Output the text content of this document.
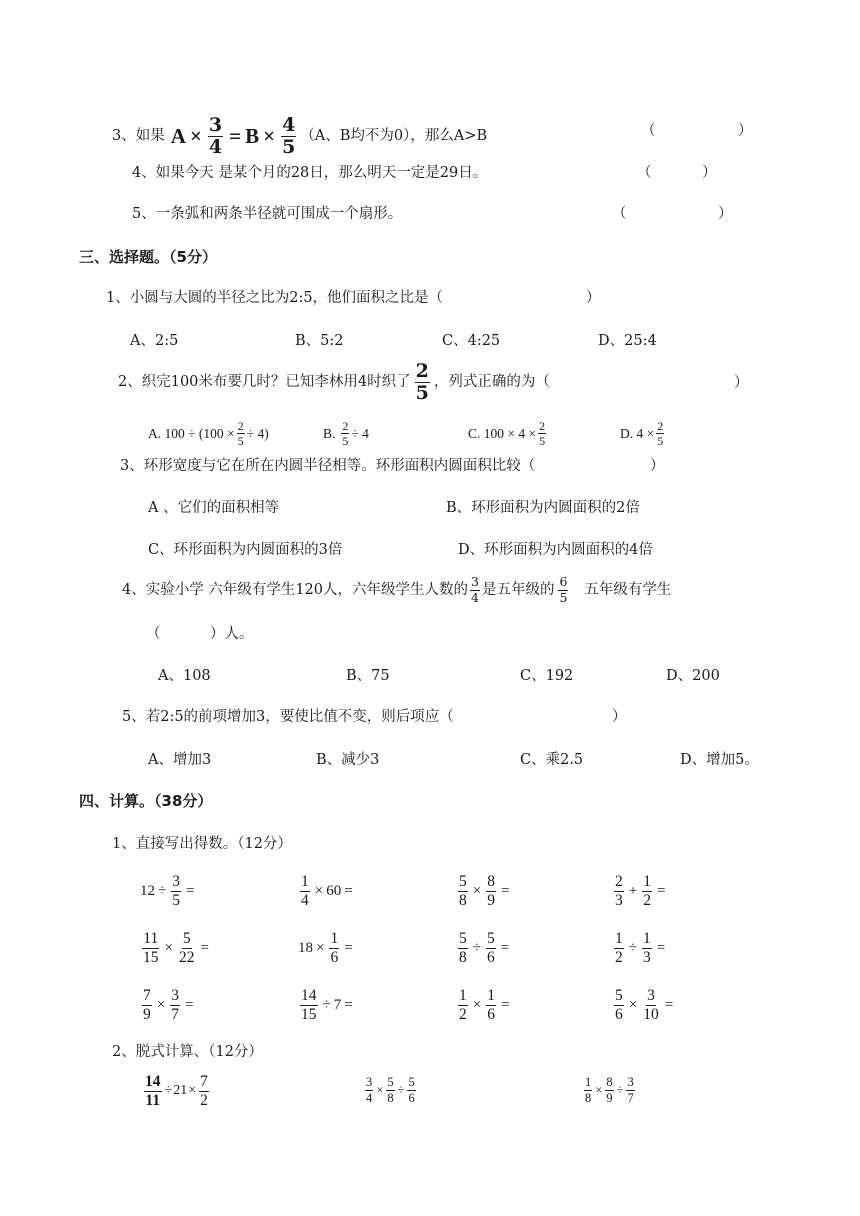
3、如果 $A \times \frac{3}{4} = B \times \frac{4}{5} (A$、B均不为0），那么A>B	（	）
4、如果今天 是某个月的28日，那么明天一定是29日。	（	）
5、一条弧和两条半径就可围成一个扇形。	（	）
三、选择题。（5分）
1、小圆与大圆的半径之比为2:5，他们面积之比是（	）
A、2:5	B、5:2	C、4:25	D、25:4
2、织完100米布要几时？已知李林用4时织了 $\frac{2}{5}$ ，列式正确的为（	）
A. $100 \div (100 \times \frac{2}{5} \div 4)$	B. $\frac{2}{5} \div 4$	C. $100 \times 4 \times \frac{2}{5}$	D. $4 \times \frac{2}{5}$
3、环形宽度与它在所在内圆半径相等。环形面积内圆面积比较（	）
A 、它们的面积相等	B、环形面积为内圆面积的2倍
C、环形面积为内圆面积的3倍	D、环形面积为内圆面积的4倍
4、实验小学 六年级有学生120人，六年级学生人数的 $\frac{3}{4}$ 是五年级的 $\frac{6}{5}$ 五年级有学生
（	）人。
A、108	B、75	C、192	D、200
5、若2:5的前项增加3，要使比值不变，则后项应（	）
A、增加3	B、减少3	C、乘2.5	D、增加5。
四、计算。（38分）
1、直接写出得数。（12分）
$12 \div \frac{3}{5}$ =	$\frac{1}{4} \times 60$ =	$\frac{5}{8} \times \frac{8}{9}$ =	$\frac{2}{3} + \frac{1}{2}$ =
$\frac{11}{15} \times \frac{5}{22}$ =	$18 \times \frac{1}{6}$ =	$\frac{5}{8} \div \frac{5}{6}$ =	$\frac{1}{2} \div \frac{1}{3}$ =
$\frac{7}{9} \times \frac{3}{7}$ =	$\frac{14}{15} \div 7$ =	$\frac{1}{2} \times \frac{1}{6}$ =	$\frac{5}{6} \times \frac{3}{10}$ =
2、脱式计算、（12分）
$\frac{14}{11} \div 21 \times \frac{7}{2}$	$\frac{3}{4} \times \frac{5}{8} \div \frac{5}{6}$	$\frac{1}{8} \times \frac{8}{9} \div \frac{3}{7}$
